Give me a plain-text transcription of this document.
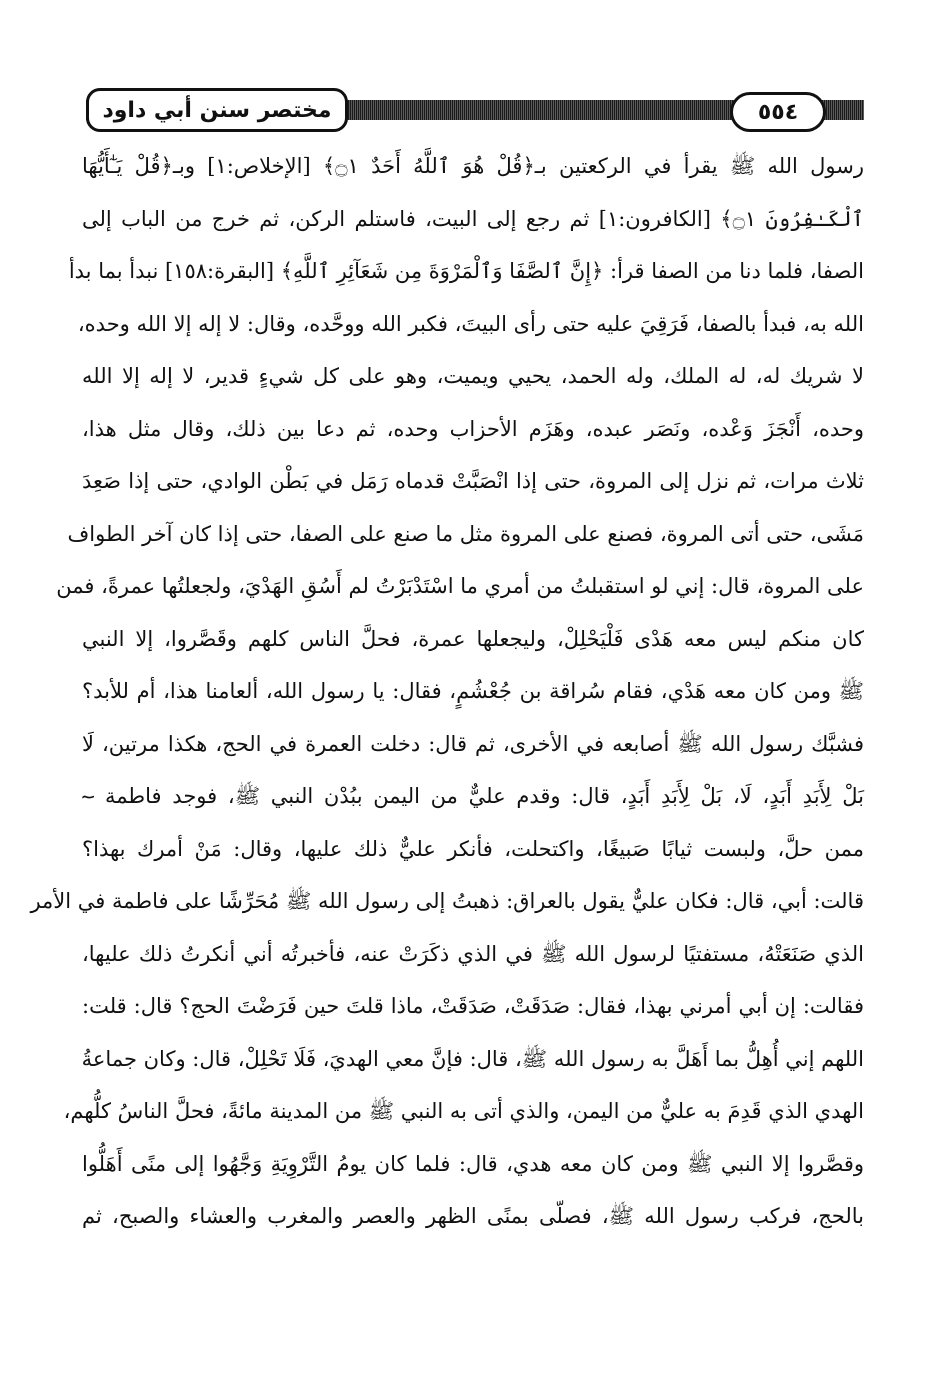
مختصر سنن أبي داود	٥٥٤
رسول الله ﷺ يقرأ في الركعتين بـ﴿قُلْ هُوَ ٱللَّهُ أَحَدٌ ۝١﴾ [الإخلاص:١] وبـ﴿قُلْ يَـٰٓأَيُّهَا
ٱلْكَـٰفِرُونَ ۝١﴾ [الكافرون:١] ثم رجع إلى البيت، فاستلم الركن، ثم خرج من الباب إلى
الصفا، فلما دنا من الصفا قرأ: ﴿إِنَّ ٱلصَّفَا وَٱلْمَرْوَةَ مِن شَعَآئِرِ ٱللَّهِ﴾ [البقرة:١٥٨] نبدأ بما بدأ
الله به، فبدأ بالصفا، فَرَقِيَ عليه حتى رأى البيتَ، فكبر الله ووحَّده، وقال: لا إله إلا الله وحده،
لا شريك له، له الملك، وله الحمد، يحيي ويميت، وهو على كل شيءٍ قدير، لا إله إلا الله
وحده، أَنْجَزَ وَعْده، ونَصَر عبده، وهَزَم الأحزاب وحده، ثم دعا بين ذلك، وقال مثل هذا،
ثلاث مرات، ثم نزل إلى المروة، حتى إذا انْصَبَّتْ قدماه رَمَل في بَطْن الوادي، حتى إذا صَعِدَ
مَشَى، حتى أتى المروة، فصنع على المروة مثل ما صنع على الصفا، حتى إذا كان آخر الطواف
على المروة، قال: إني لو استقبلتُ من أمري ما اسْتَدْبَرْتُ لم أَسُقِ الهَدْيَ، ولجعلتُها عمرةً، فمن
كان منكم ليس معه هَدْى فَلْيَحْلِلْ، وليجعلها عمرة، فحلَّ الناس كلهم وقَصَّروا، إلا النبي
ﷺ ومن كان معه هَدْي، فقام سُراقة بن جُعْشُمٍ، فقال: يا رسول الله، ألعامنا هذا، أم للأبد؟
فشبَّك رسول الله ﷺ أصابعه في الأخرى، ثم قال: دخلت العمرة في الحج، هكذا مرتين، لَا
بَلْ لِأَبَدِ أَبَدٍ، لَا، بَلْ لِأَبَدِ أَبَدٍ، قال: وقدم عليٌّ من اليمن ببُدْن النبي ﷺ، فوجد فاطمة ؅
ممن حلَّ، ولبست ثيابًا صَبيغًا، واكتحلت، فأنكر عليٌّ ذلك عليها، وقال: مَنْ أمرك بهذا؟
قالت: أبي، قال: فكان عليٌّ يقول بالعراق: ذهبتُ إلى رسول الله ﷺ مُحَرِّشًا على فاطمة في الأمر
الذي صَنَعَتْهُ، مستفتيًا لرسول الله ﷺ في الذي ذكَرَتْ عنه، فأخبرتُه أني أنكرتُ ذلك عليها،
فقالت: إن أبي أمرني بهذا، فقال: صَدَقَتْ، صَدَقَتْ، ماذا قلتَ حين فَرَضْتَ الحج؟ قال: قلت:
اللهم إني أُهِلُّ بما أَهَلَّ به رسول الله ﷺ، قال: فإنَّ معي الهديَ، فَلَا تَحْلِلْ، قال: وكان جماعةُ
الهدي الذي قَدِمَ به عليٌّ من اليمن، والذي أتى به النبي ﷺ من المدينة مائةً، فحلَّ الناسُ كلُّهم،
وقصَّروا إلا النبي ﷺ ومن كان معه هدي، قال: فلما كان يومُ التَّرْوِيَةِ وَجَّهُوا إلى منًى أَهَلُّوا
بالحج، فركب رسول الله ﷺ، فصلّى بمنًى الظهر والعصر والمغرب والعشاء والصبح، ثم
